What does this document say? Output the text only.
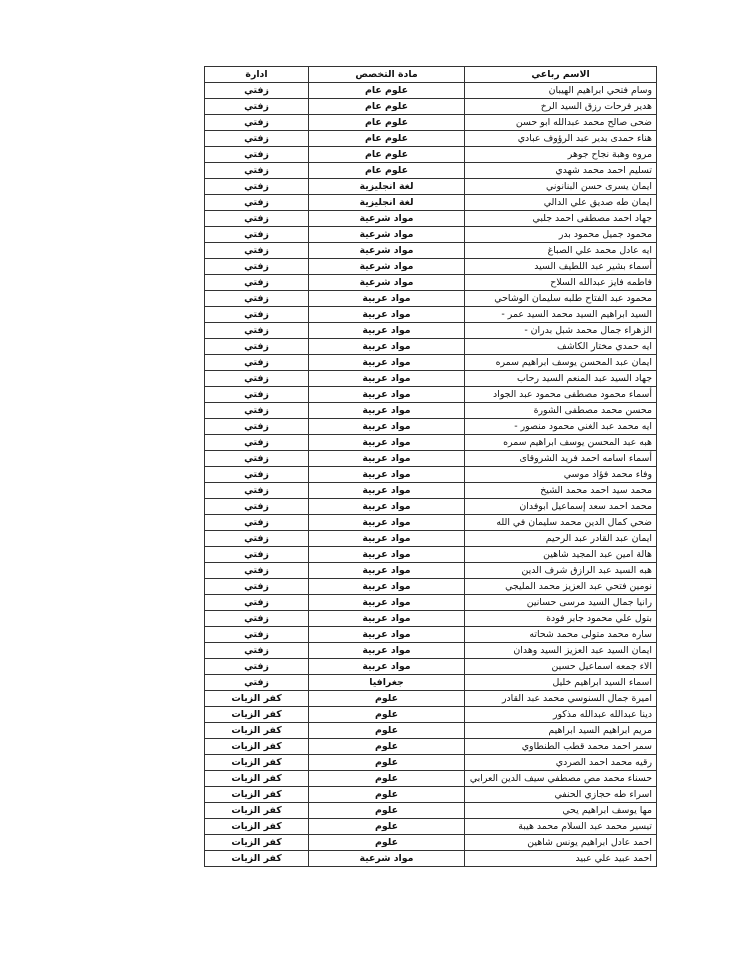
الاسم رباعي	مادة التخصص	ادارة
وسام فتحي ابراهيم الهيبان	علوم عام	زفتي
هدير فرحات رزق السيد الرخ	علوم عام	زفتي
ضحى صالح محمد عبدالله ابو حسن	علوم عام	زفتي
هناء حمدى بدير عبد الرؤوف عبادي	علوم عام	زفتي
مروه وهبة نجاح جوهر	علوم عام	زفتي
تسليم احمد محمد شهدي	علوم عام	زفتي
ايمان يسرى حسن البنانوني	لغة انجليزية	زفتي
ايمان طه صديق علي الدالي	لغة انجليزية	زفتي
جهاد احمد مصطفى احمد جلبي	مواد شرعية	زفتي
محمود جميل محمود بدر	مواد شرعية	زفتي
ايه عادل محمد علي الصباغ	مواد شرعية	زفتي
أسماء بشير عبد اللطيف السيد	مواد شرعية	زفتي
فاطمه فايز عبدالله السلاح	مواد شرعية	زفتي
محمود عبد الفتاح طلبه سليمان الوشاحي	مواد عربية	زفتي
السيد ابراهيم السيد محمد السيد عمر -	مواد عربية	زفتي
الزهراء جمال محمد شبل بدران -	مواد عربية	زفتي
ايه حمدي مختار الكاشف	مواد عربية	زفتي
ايمان عبد المحسن يوسف ابراهيم سمره	مواد عربية	زفتي
جهاد السيد عبد المنعم السيد رحاب	مواد عربية	زفتي
أسماء محمود مصطفى محمود عبد الجواد	مواد عربية	زفتي
محسن محمد مصطفى الشورة	مواد عربية	زفتي
ايه محمد عبد الغني محمود منصور -	مواد عربية	زفتي
هبه عبد المحسن يوسف ابراهيم سمره	مواد عربية	زفتي
أسماء اسامه احمد فريد الشروقاى	مواد عربية	زفتي
وفاء محمد فؤاد موسي	مواد عربية	زفتي
محمد سيد احمد محمد الشيخ	مواد عربية	زفتي
محمد احمد سعد إسماعيل ابوفدان	مواد عربية	زفتي
ضحي كمال الدين محمد سليمان في الله	مواد عربية	زفتي
ايمان عبد القادر عبد الرحيم	مواد عربية	زفتي
هالة امين عبد المجيد شاهين	مواد عربية	زفتي
هبه السيد عبد الرازق شرف الدين	مواد عربية	زفتي
نومين فتحي عبد العزيز محمد المليجي	مواد عربية	زفتي
رانيا جمال السيد مرسى حسانين	مواد عربية	زفتي
بتول علي محمود جابر فودة	مواد عربية	زفتي
ساره محمد متولى محمد شحاته	مواد عربية	زفتي
ايمان السيد عبد العزيز السيد وهدان	مواد عربية	زفتي
الاء جمعه اسماعيل حسين	مواد عربية	زفتي
اسماء السيد ابراهيم خليل	جغرافيا	زفتي
اميرة جمال السنوسي محمد عبد القادر	علوم	كفر الزيات
دينا عبدالله عبدالله مذكور	علوم	كفر الزيات
مريم ابراهيم السيد ابراهيم	علوم	كفر الزيات
سمر احمد محمد قطب الطنطاوي	علوم	كفر الزيات
رقيه محمد احمد الصردي	علوم	كفر الزيات
حسناء محمد مص مصطفي سيف الدين العرابي	علوم	كفر الزيات
اسراء طه حجازي الحنفي	علوم	كفر الزيات
مها يوسف ابراهيم يحي	علوم	كفر الزيات
تيسير محمد عبد السلام محمد هيبة	علوم	كفر الزيات
احمد عادل ابراهيم يونس شاهين	علوم	كفر الزيات
احمد عبيد علي عبيد	مواد شرعية	كفر الزيات
